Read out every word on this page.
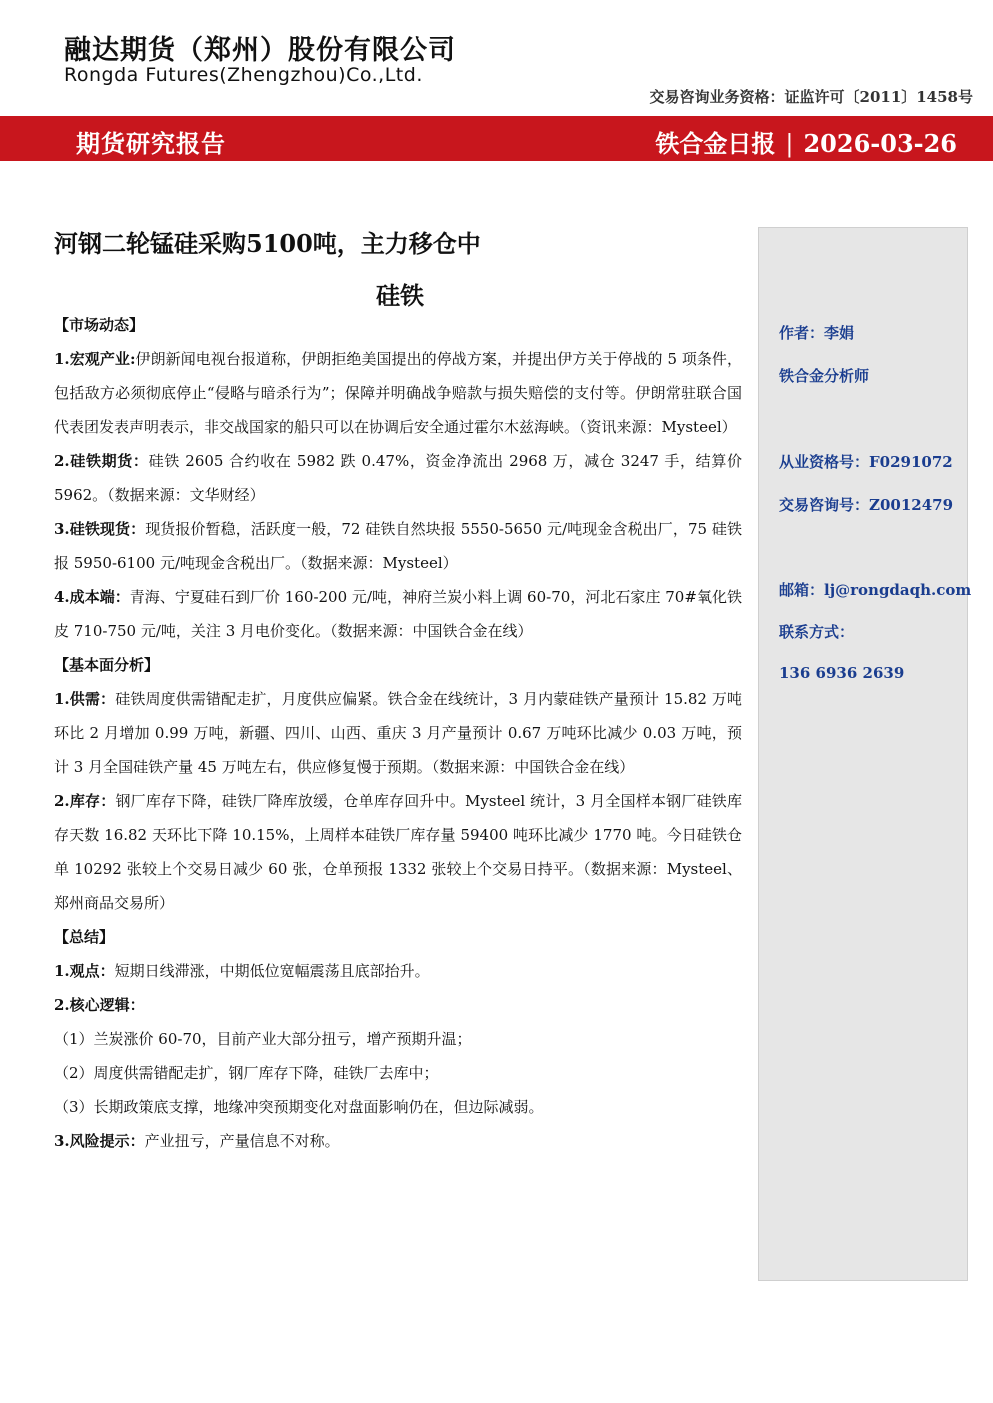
融达期货（郑州）股份有限公司
Rongda Futures(Zhengzhou)Co.,Ltd.
交易咨询业务资格：证监许可〔2011〕1458号
期货研究报告	铁合金日报 | 2026-03-26
河钢二轮锰硅采购5100吨，主力移仓中
硅铁

【市场动态】

1.宏观产业:伊朗新闻电视台报道称，伊朗拒绝美国提出的停战方案，并提出伊方关于停战的 5 项条件，包括敌方必须彻底停止“侵略与暗杀行为”；保障并明确战争赔款与损失赔偿的支付等。伊朗常驻联合国代表团发表声明表示，非交战国家的船只可以在协调后安全通过霍尔木兹海峡。（资讯来源：Mysteel）

2.硅铁期货：硅铁 2605 合约收在 5982 跌 0.47%，资金净流出 2968 万，减仓 3247 手，结算价 5962。（数据来源：文华财经）

3.硅铁现货：现货报价暂稳，活跃度一般，72 硅铁自然块报 5550-5650 元/吨现金含税出厂，75 硅铁报 5950-6100 元/吨现金含税出厂。（数据来源：Mysteel）

4.成本端：青海、宁夏硅石到厂价 160-200 元/吨，神府兰炭小料上调 60-70，河北石家庄 70#氧化铁皮 710-750 元/吨，关注 3 月电价变化。（数据来源：中国铁合金在线）

【基本面分析】

1.供需：硅铁周度供需错配走扩，月度供应偏紧。铁合金在线统计，3 月内蒙硅铁产量预计 15.82 万吨环比 2 月增加 0.99 万吨，新疆、四川、山西、重庆 3 月产量预计 0.67 万吨环比减少 0.03 万吨，预计 3 月全国硅铁产量 45 万吨左右，供应修复慢于预期。（数据来源：中国铁合金在线）

2.库存：钢厂库存下降，硅铁厂降库放缓，仓单库存回升中。Mysteel 统计，3 月全国样本钢厂硅铁库存天数 16.82 天环比下降 10.15%，上周样本硅铁厂库存量 59400 吨环比减少 1770 吨。今日硅铁仓单 10292 张较上个交易日减少 60 张，仓单预报 1332 张较上个交易日持平。（数据来源：Mysteel、郑州商品交易所）

【总结】

1.观点：短期日线滞涨，中期低位宽幅震荡且底部抬升。

2.核心逻辑：

（1）兰炭涨价 60-70，目前产业大部分扭亏，增产预期升温；

（2）周度供需错配走扩，钢厂库存下降，硅铁厂去库中；

（3）长期政策底支撑，地缘冲突预期变化对盘面影响仍在，但边际减弱。

3.风险提示：产业扭亏，产量信息不对称。

作者：李娟
铁合金分析师
从业资格号：F0291072
交易咨询号：Z0012479
邮箱：lj@rongdaqh.com
联系方式：
136 6936 2639
